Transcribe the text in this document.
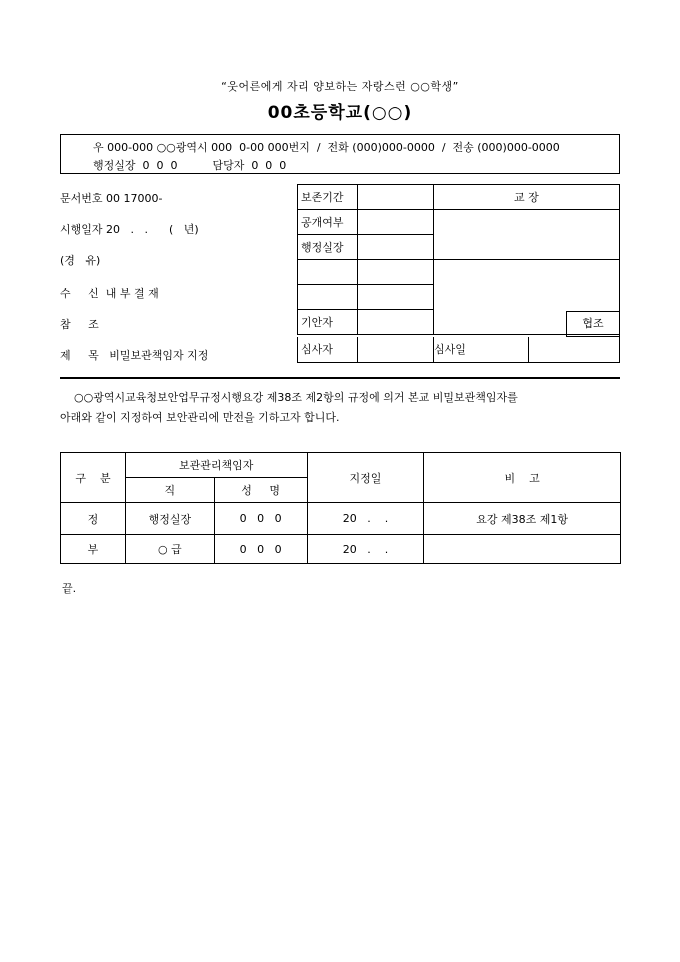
“웃어른에게 자리 양보하는 자랑스런 ○○학생”
00초등학교(○○)
우 000-000 ○○광역시 000  0-00 000번지  /  전화 (000)000-0000  /  전송 (000)000-0000
행정실장  0  0  0          담당자  0  0  0
문서번호 00 17000-
시행일자 20   .   .      (   년)
(경   유)
수     신  내 부 결 재
참     조
제     목   비밀보관책임자 지정
보존기간		교 장
공개여부		
행정실장		

기안자			협조
심사자	심사일
○○광역시교육청보안업무규정시행요강 제38조 제2항의 규정에 의거 본교 비밀보관책임자를
아래와 같이 지정하여 보안관리에 만전을 기하고자 합니다.
구    분	보관관리책임자		지정일	비    고
	직	성     명		
정	행정실장	0   0   0	20   .    .	요강 제38조 제1항
부	○ 급	0   0   0	20   .    .	
끝.
